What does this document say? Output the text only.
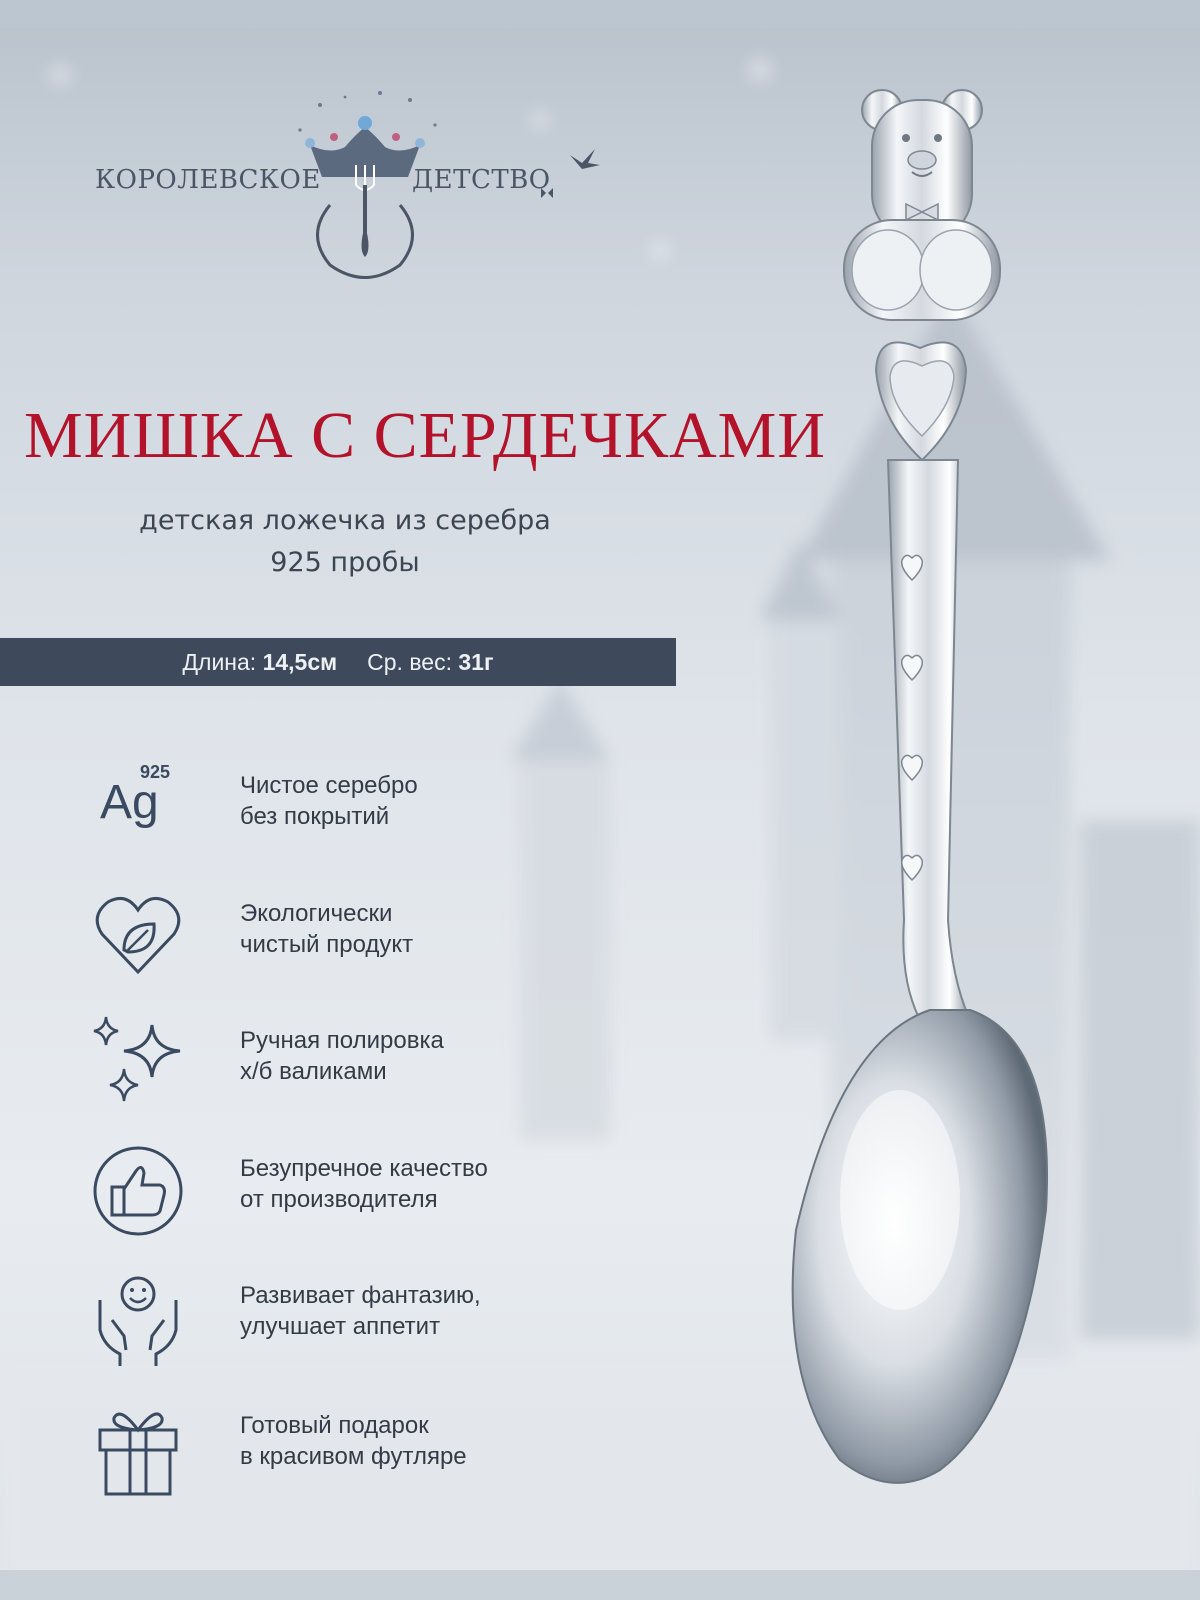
КОРОЛЕВСКОЕ	ДЕТСТВО
МИШКА С СЕРДЕЧКАМИ
детская ложечка из серебра
925 пробы
Длина: 14,5см Ср. вес: 31г
Ag
925	Чистое серебро
без покрытий
Экологически
чистый продукт
Ручная полировка
х/б валиками
Безупречное качество
от производителя
Развивает фантазию,
улучшает аппетит
Готовый подарок
в красивом футляре
